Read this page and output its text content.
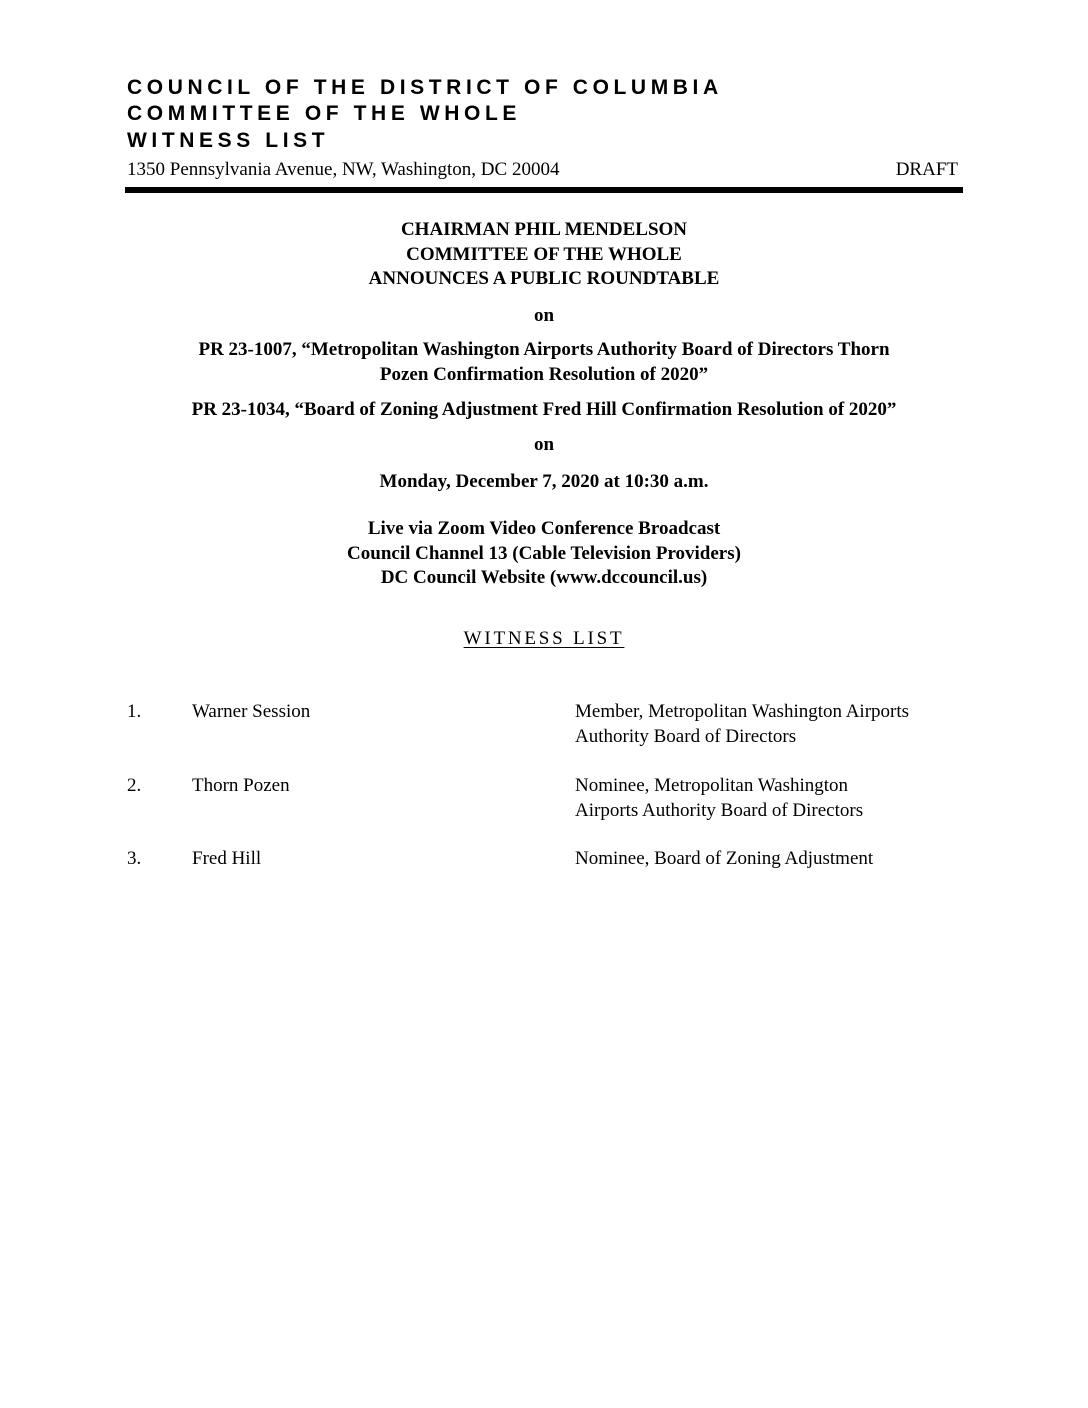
COUNCIL OF THE DISTRICT OF COLUMBIA
COMMITTEE OF THE WHOLE
WITNESS LIST
1350 Pennsylvania Avenue, NW, Washington, DC 20004	DRAFT
CHAIRMAN PHIL MENDELSON
COMMITTEE OF THE WHOLE
ANNOUNCES A PUBLIC ROUNDTABLE
on
PR 23-1007, “Metropolitan Washington Airports Authority Board of Directors Thorn
Pozen Confirmation Resolution of 2020”
PR 23-1034, “Board of Zoning Adjustment Fred Hill Confirmation Resolution of 2020”
on
Monday, December 7, 2020 at 10:30 a.m.
Live via Zoom Video Conference Broadcast
Council Channel 13 (Cable Television Providers)
DC Council Website (www.dccouncil.us)
WITNESS LIST
1.	Warner Session	Member, Metropolitan Washington Airports
Authority Board of Directors
2.	Thorn Pozen	Nominee, Metropolitan Washington
Airports Authority Board of Directors
3.	Fred Hill	Nominee, Board of Zoning Adjustment
